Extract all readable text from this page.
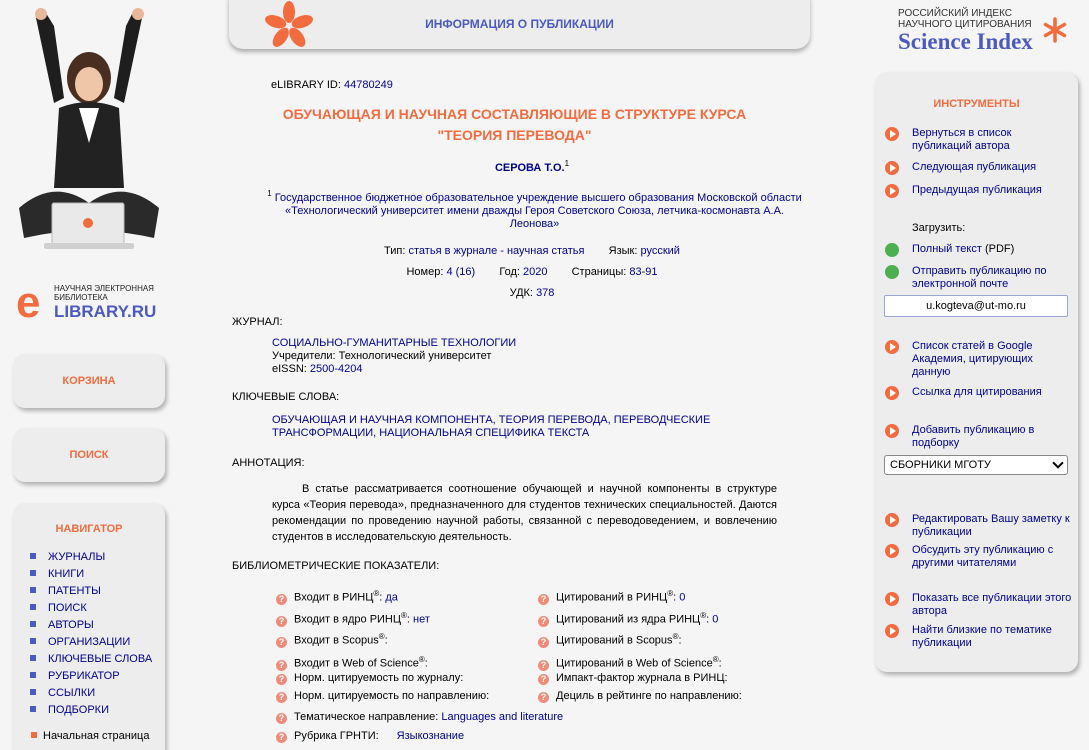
e НАУЧНАЯ ЭЛЕКТРОННАЯ
БИБЛИОТЕКА
LIBRARY.RU
КОРЗИНА
ПОИСК
НАВИГАТОР
ЖУРНАЛЫ
КНИГИ
ПАТЕНТЫ
ПОИСК
АВТОРЫ
ОРГАНИЗАЦИИ
КЛЮЧЕВЫЕ СЛОВА
РУБРИКАТОР
ССЫЛКИ
ПОДБОРКИ
Начальная страница
ИНФОРМАЦИЯ О ПУБЛИКАЦИИ
РОССИЙСКИЙ ИНДЕКС
НАУЧНОГО ЦИТИРОВАНИЯ
Science Index
eLIBRARY ID: 44780249
ОБУЧАЮЩАЯ И НАУЧНАЯ СОСТАВЛЯЮЩИЕ В СТРУКТУРЕ КУРСА
"ТЕОРИЯ ПЕРЕВОДА"
СЕРОВА Т.О.$^1$
$^1$ Государственное бюджетное образовательное учреждение высшего образования Московской области «Технологический университет имени дважды Героя Советского Союза, летчика-космонавта А.А. Леонова»
Тип: статья в журнале - научная статья Язык: русский
Номер: 4 (16) Год: 2020 Страницы: 83-91
УДК: 378
ЖУРНАЛ:
СОЦИАЛЬНО-ГУМАНИТАРНЫЕ ТЕХНОЛОГИИ
Учредители: Технологический университет
eISSN: 2500-4204
КЛЮЧЕВЫЕ СЛОВА:
ОБУЧАЮЩАЯ И НАУЧНАЯ КОМПОНЕНТА, ТЕОРИЯ ПЕРЕВОДА, ПЕРЕВОДЧЕСКИЕ ТРАНСФОРМАЦИИ, НАЦИОНАЛЬНАЯ СПЕЦИФИКА ТЕКСТА
АННОТАЦИЯ:
В статье рассматривается соотношение обучающей и научной компоненты в структуре курса «Теория перевода», предназначенного для студентов технических специальностей. Даются рекомендации по проведению научной работы, связанной с переводоведением, и вовлечению студентов в исследовательскую деятельность.
БИБЛИОМЕТРИЧЕСКИЕ ПОКАЗАТЕЛИ:
? Входит в РИНЦ®: да
? Входит в ядро РИНЦ®: нет
? Входит в Scopus®:
? Входит в Web of Science®:
? Норм. цитируемость по журналу:
? Норм. цитируемость по направлению:
? Тематическое направление: Languages and literature
? Рубрика ГРНТИ: Языкознание
? Цитирований в РИНЦ®: 0
? Цитирований из ядра РИНЦ®: 0
? Цитирований в Scopus®:
? Цитирований в Web of Science®:
? Импакт-фактор журнала в РИНЦ:
? Дециль в рейтинге по направлению:
ИНСТРУМЕНТЫ
Вернуться в список публикаций автора
Следующая публикация
Предыдущая публикация
Загрузить:
Полный текст (PDF)
Отправить публикацию по электронной почте
u.kogteva@ut-mo.ru
Список статей в Google Академия, цитирующих данную
Ссылка для цитирования
Добавить публикацию в подборку
СБОРНИКИ МГОТУ
Редактировать Вашу заметку к публикации
Обсудить эту публикацию с другими читателями
Показать все публикации этого автора
Найти близкие по тематике публикации
